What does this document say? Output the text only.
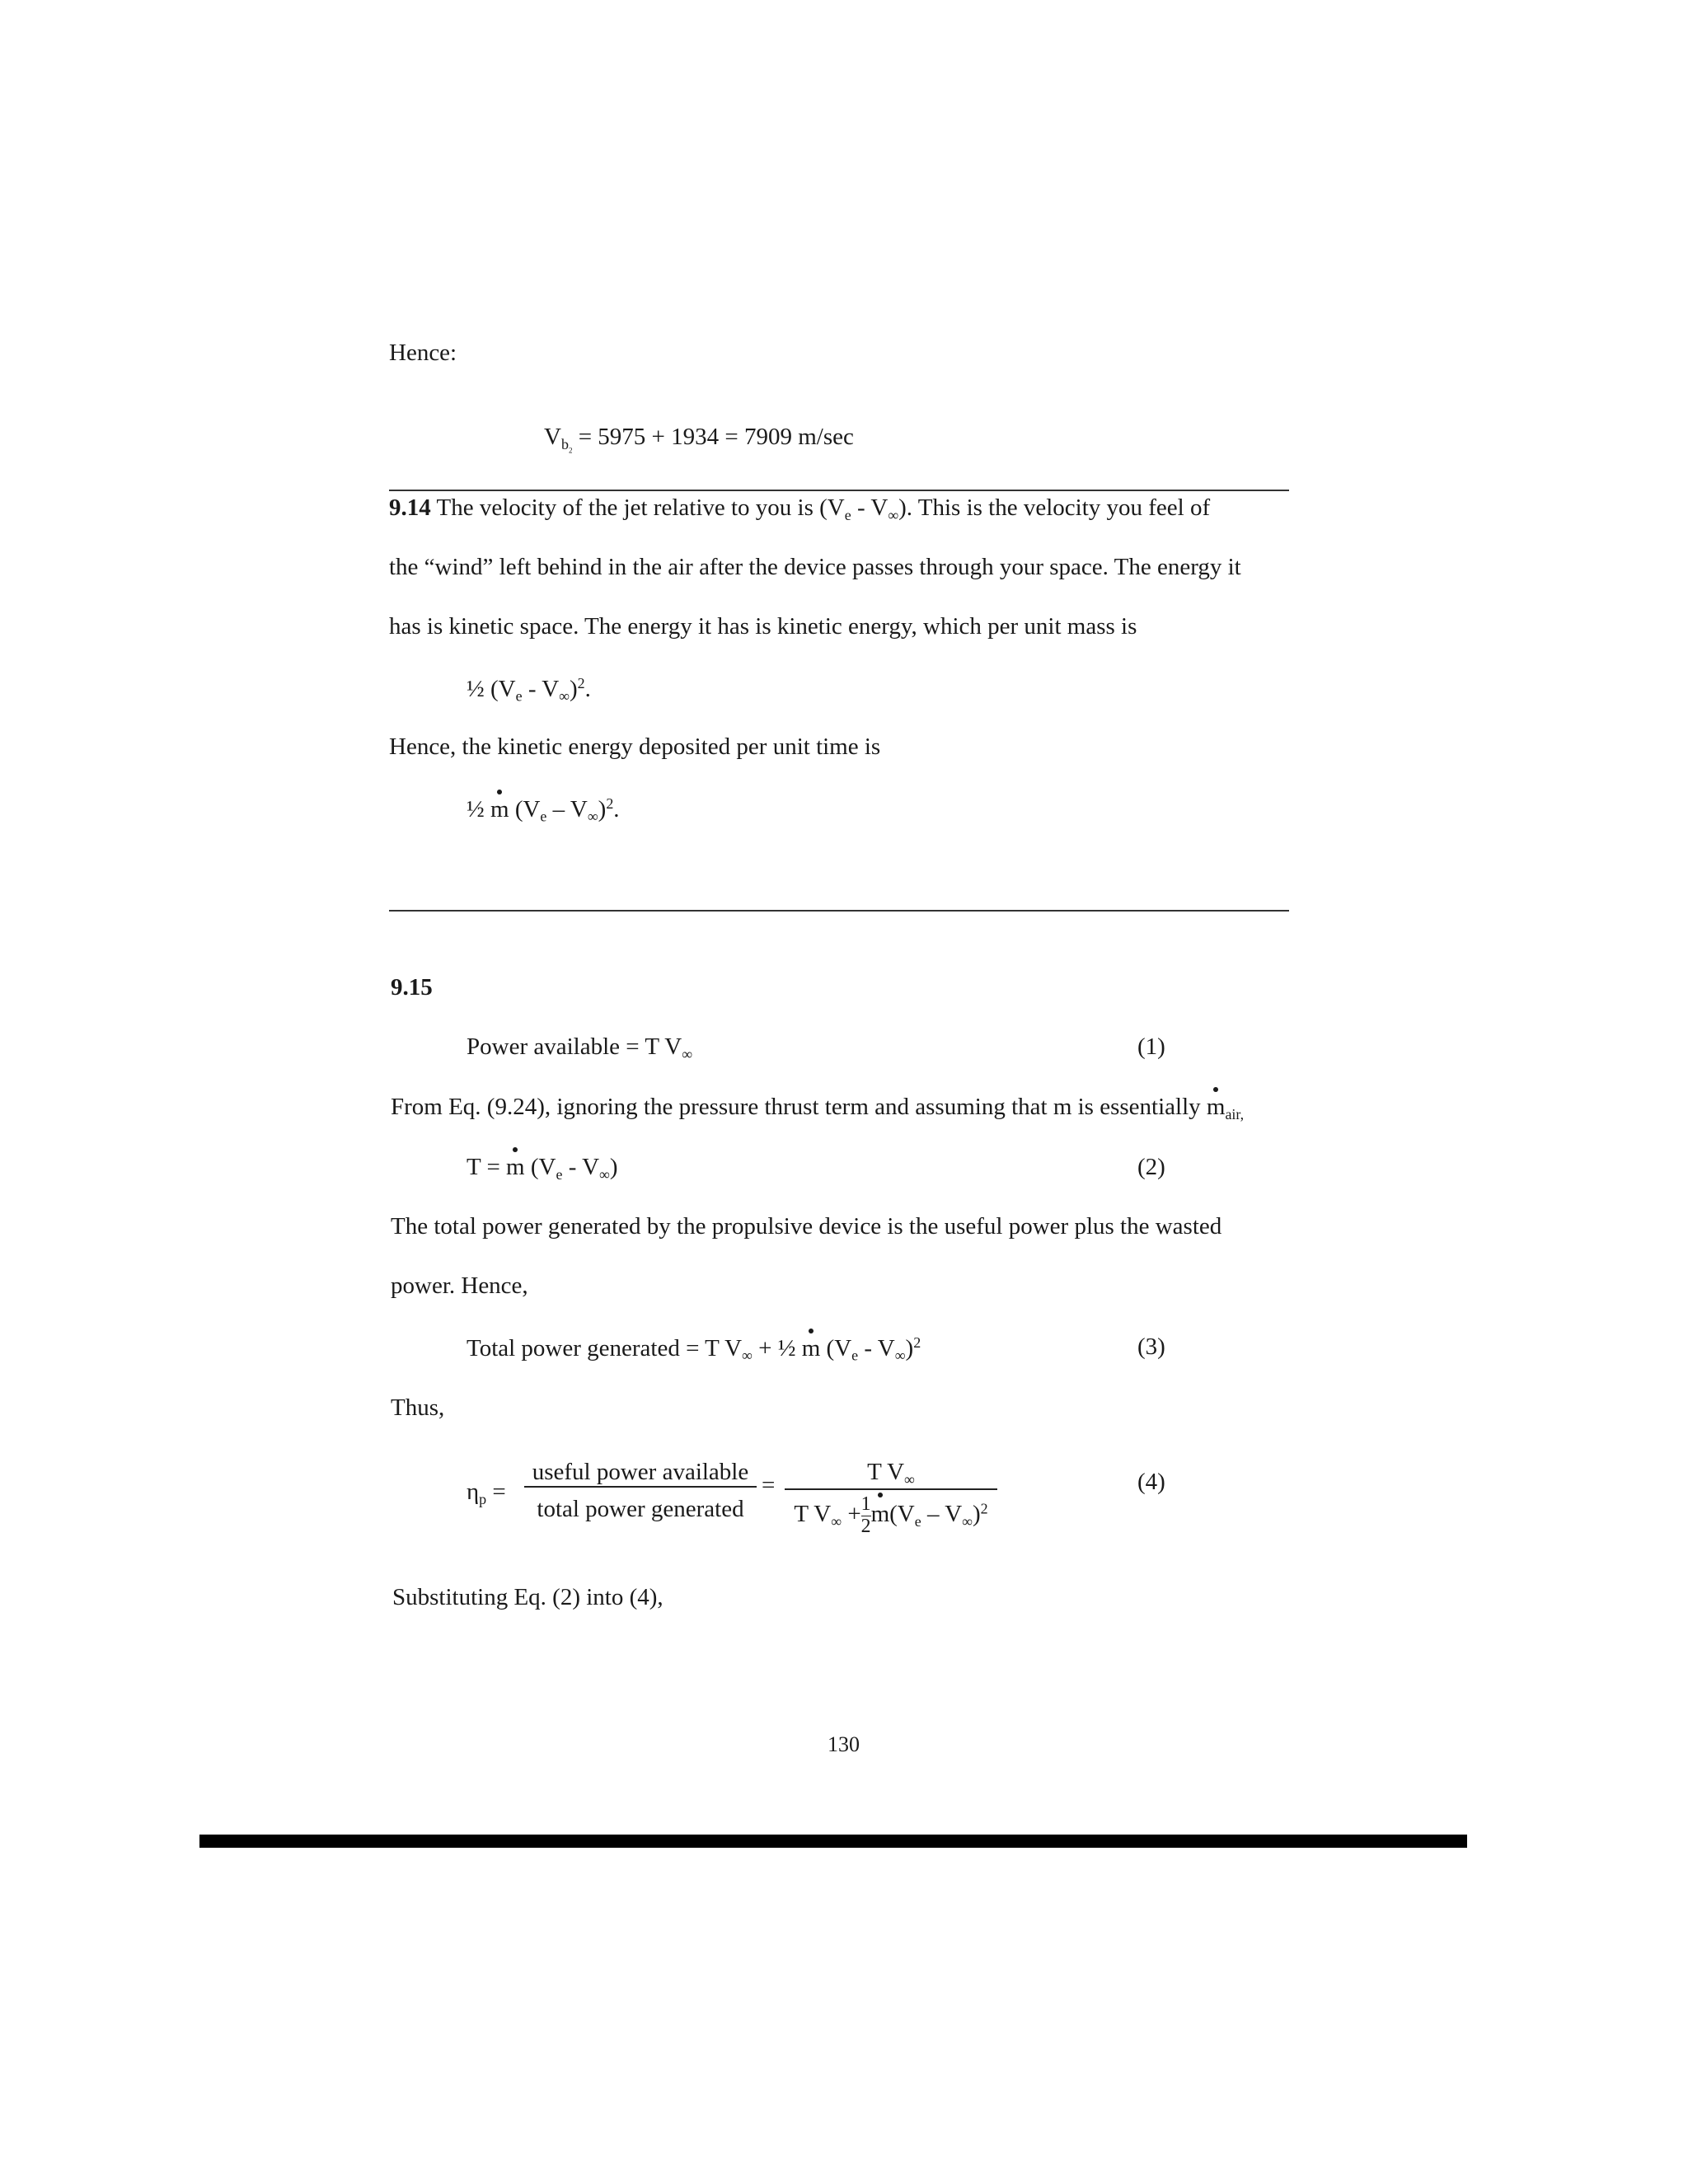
Hence:
$V_{b_2} = 5975 + 1934 = 7909$ m/sec
9.14 The velocity of the jet relative to you is $(V_e - V_\infty)$. This is the velocity you feel of
the “wind” left behind in the air after the device passes through your space. The energy it
has is kinetic space. The energy it has is kinetic energy, which per unit mass is
½ $(V_e - V_\infty)^2$.
Hence, the kinetic energy deposited per unit time is
½ m $(V_e - V_\infty)^2$.
9.15
Power available = T $V_\infty$	(1)
From Eq. (9.24), ignoring the pressure thrust term and assuming that m is essentially $m_{air,}$
T = m $(V_e - V_\infty)$	(2)
The total power generated by the propulsive device is the useful power plus the wasted
power. Hence,
Total power generated = T $V_\infty$ + ½ m $(V_e - V_\infty)^2$	(3)
Thus,
$\eta_p$ =
useful power available
total power generated
=	T $V_\infty$
T $V_\infty +\frac{1}{2}m(V_e - V_\infty)^2$
(4)
Substituting Eq. (2) into (4),
130
